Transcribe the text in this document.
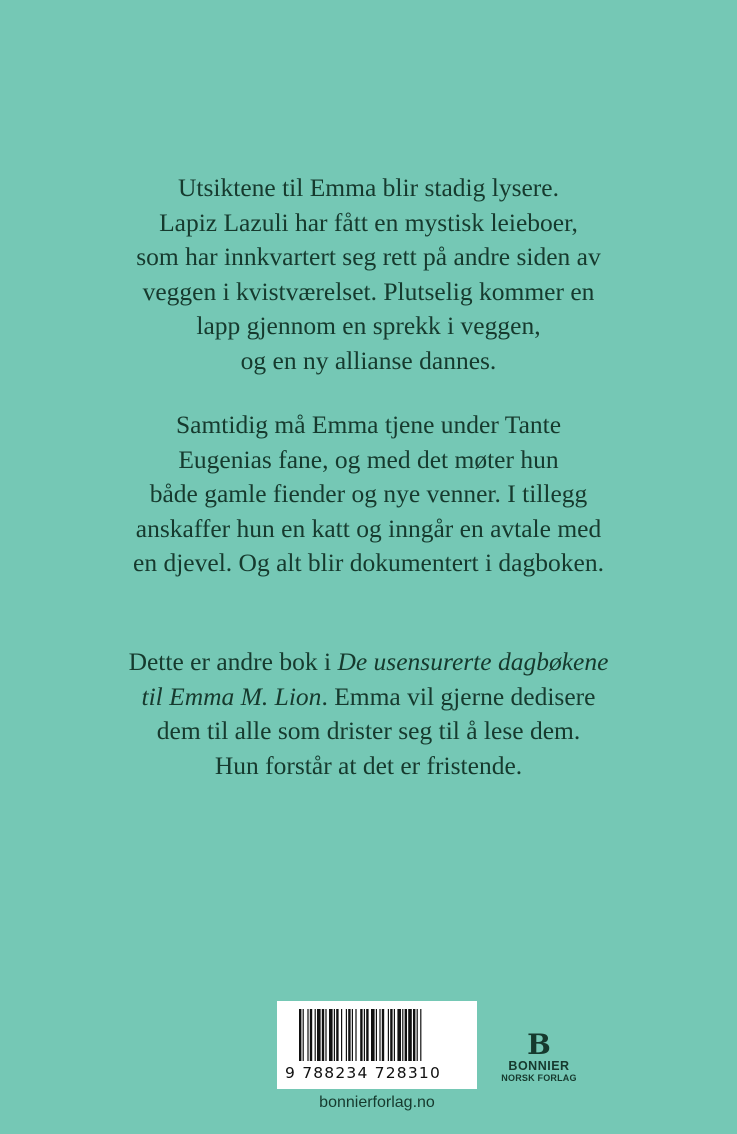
Utsiktene til Emma blir stadig lysere.
Lapiz Lazuli har fått en mystisk leieboer,
som har innkvartert seg rett på andre siden av
veggen i kvistværelset. Plutselig kommer en
lapp gjennom en sprekk i veggen,
og en ny allianse dannes.
Samtidig må Emma tjene under Tante
Eugenias fane, og med det møter hun
både gamle fiender og nye venner. I tillegg
anskaffer hun en katt og inngår en avtale med
en djevel. Og alt blir dokumentert i dagboken.
Dette er andre bok i De usensurerte dagbøkene
til Emma M. Lion. Emma vil gjerne dedisere
dem til alle som drister seg til å lese dem.
Hun forstår at det er fristende.
9 788234 728310
B
BONNIER
NORSK FORLAG
bonnierforlag.no
